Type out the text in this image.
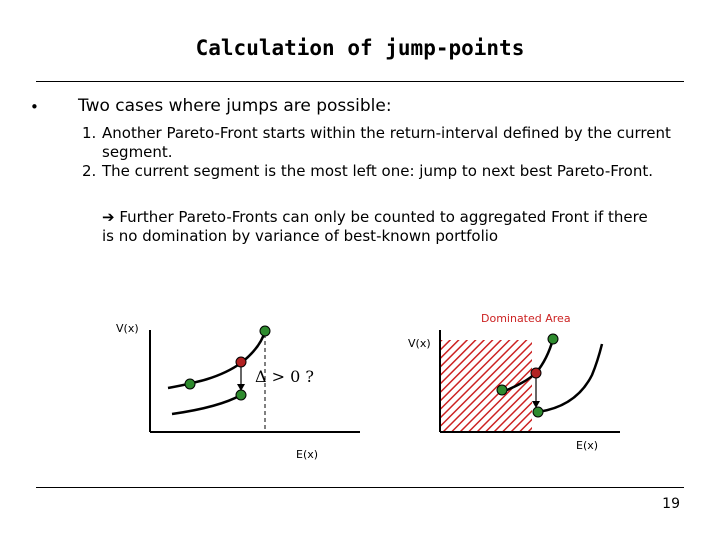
Calculation of jump-points
• Two cases where jumps are possible:
1. Another Pareto-Front starts within the return-interval defined by the current segment.
2. The current segment is the most left one: jump to next best Pareto-Front.
➔ Further Pareto-Fronts can only be counted to aggregated Front if there is no domination by variance of best-known portfolio
V(x)
E(x)
Δ > 0 ?
Dominated Area
V(x)
E(x)
19
